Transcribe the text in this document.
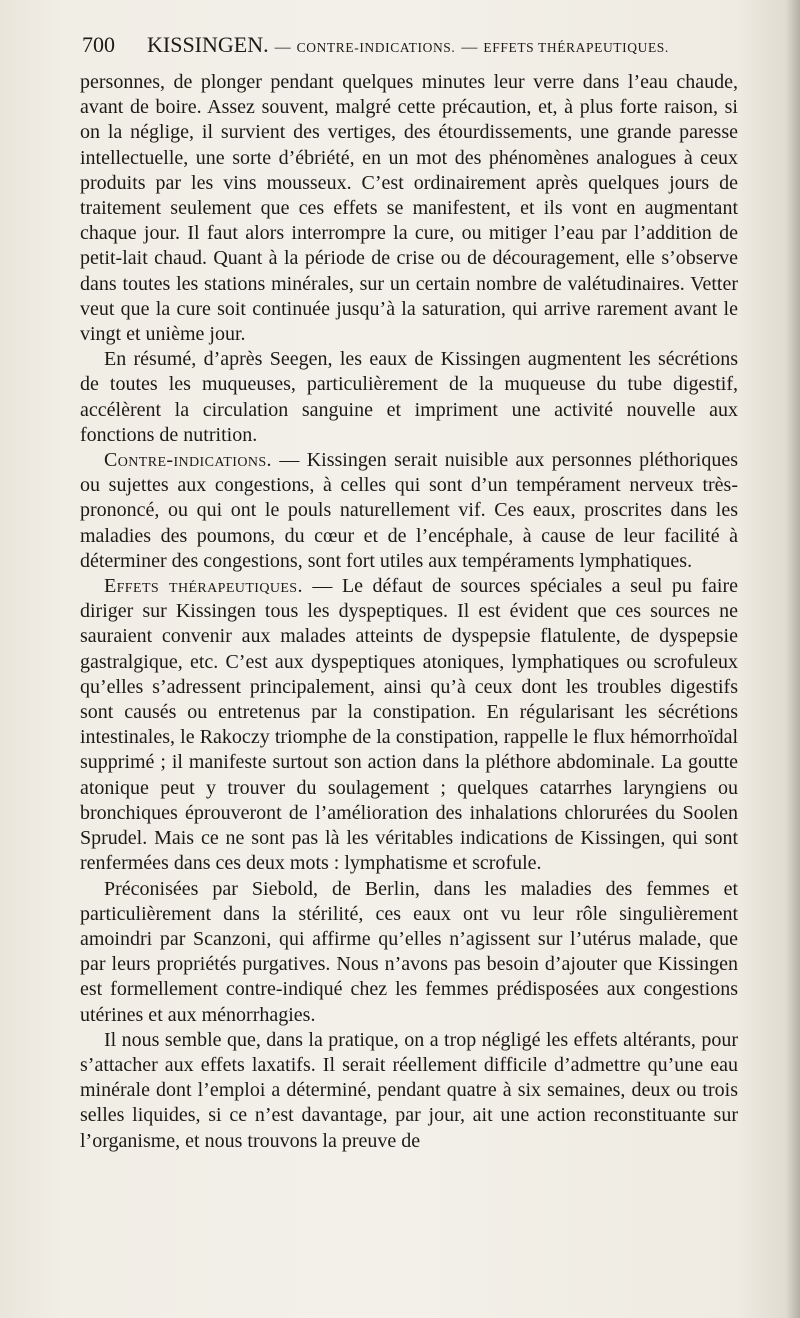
700 KISSINGEN. — CONTRE-INDICATIONS. — EFFETS THÉRAPEUTIQUES.

personnes, de plonger pendant quelques minutes leur verre dans l’eau chaude, avant de boire. Assez souvent, malgré cette précaution, et, à plus forte raison, si on la néglige, il survient des vertiges, des étourdissements, une grande paresse intellectuelle, une sorte d’ébriété, en un mot des phénomènes analogues à ceux produits par les vins mousseux. C’est ordinairement après quelques jours de traitement seulement que ces effets se manifestent, et ils vont en augmentant chaque jour. Il faut alors interrompre la cure, ou mitiger l’eau par l’addition de petit-lait chaud. Quant à la période de crise ou de découragement, elle s’observe dans toutes les stations minérales, sur un certain nombre de valétudinaires. Vetter veut que la cure soit continuée jusqu’à la saturation, qui arrive rarement avant le vingt et unième jour.

En résumé, d’après Seegen, les eaux de Kissingen augmentent les sécrétions de toutes les muqueuses, particulièrement de la muqueuse du tube digestif, accélèrent la circulation sanguine et impriment une activité nouvelle aux fonctions de nutrition.

Contre-indications. — Kissingen serait nuisible aux personnes pléthoriques ou sujettes aux congestions, à celles qui sont d’un tempérament nerveux très-prononcé, ou qui ont le pouls naturellement vif. Ces eaux, proscrites dans les maladies des poumons, du cœur et de l’encéphale, à cause de leur facilité à déterminer des congestions, sont fort utiles aux tempéraments lymphatiques.

Effets thérapeutiques. — Le défaut de sources spéciales a seul pu faire diriger sur Kissingen tous les dyspeptiques. Il est évident que ces sources ne sauraient convenir aux malades atteints de dyspepsie flatulente, de dyspepsie gastralgique, etc. C’est aux dyspeptiques atoniques, lymphatiques ou scrofuleux qu’elles s’adressent principalement, ainsi qu’à ceux dont les troubles digestifs sont causés ou entretenus par la constipation. En régularisant les sécrétions intestinales, le Rakoczy triomphe de la constipation, rappelle le flux hémorrhoïdal supprimé ; il manifeste surtout son action dans la pléthore abdominale. La goutte atonique peut y trouver du soulagement ; quelques catarrhes laryngiens ou bronchiques éprouveront de l’amélioration des inhalations chlorurées du Soolen Sprudel. Mais ce ne sont pas là les véritables indications de Kissingen, qui sont renfermées dans ces deux mots : lymphatisme et scrofule.

Préconisées par Siebold, de Berlin, dans les maladies des femmes et particulièrement dans la stérilité, ces eaux ont vu leur rôle singulièrement amoindri par Scanzoni, qui affirme qu’elles n’agissent sur l’utérus malade, que par leurs propriétés purgatives. Nous n’avons pas besoin d’ajouter que Kissingen est formellement contre-indiqué chez les femmes prédisposées aux congestions utérines et aux ménorrhagies.

Il nous semble que, dans la pratique, on a trop négligé les effets altérants, pour s’attacher aux effets laxatifs. Il serait réellement difficile d’admettre qu’une eau minérale dont l’emploi a déterminé, pendant quatre à six semaines, deux ou trois selles liquides, si ce n’est davantage, par jour, ait une action reconstituante sur l’organisme, et nous trouvons la preuve de
